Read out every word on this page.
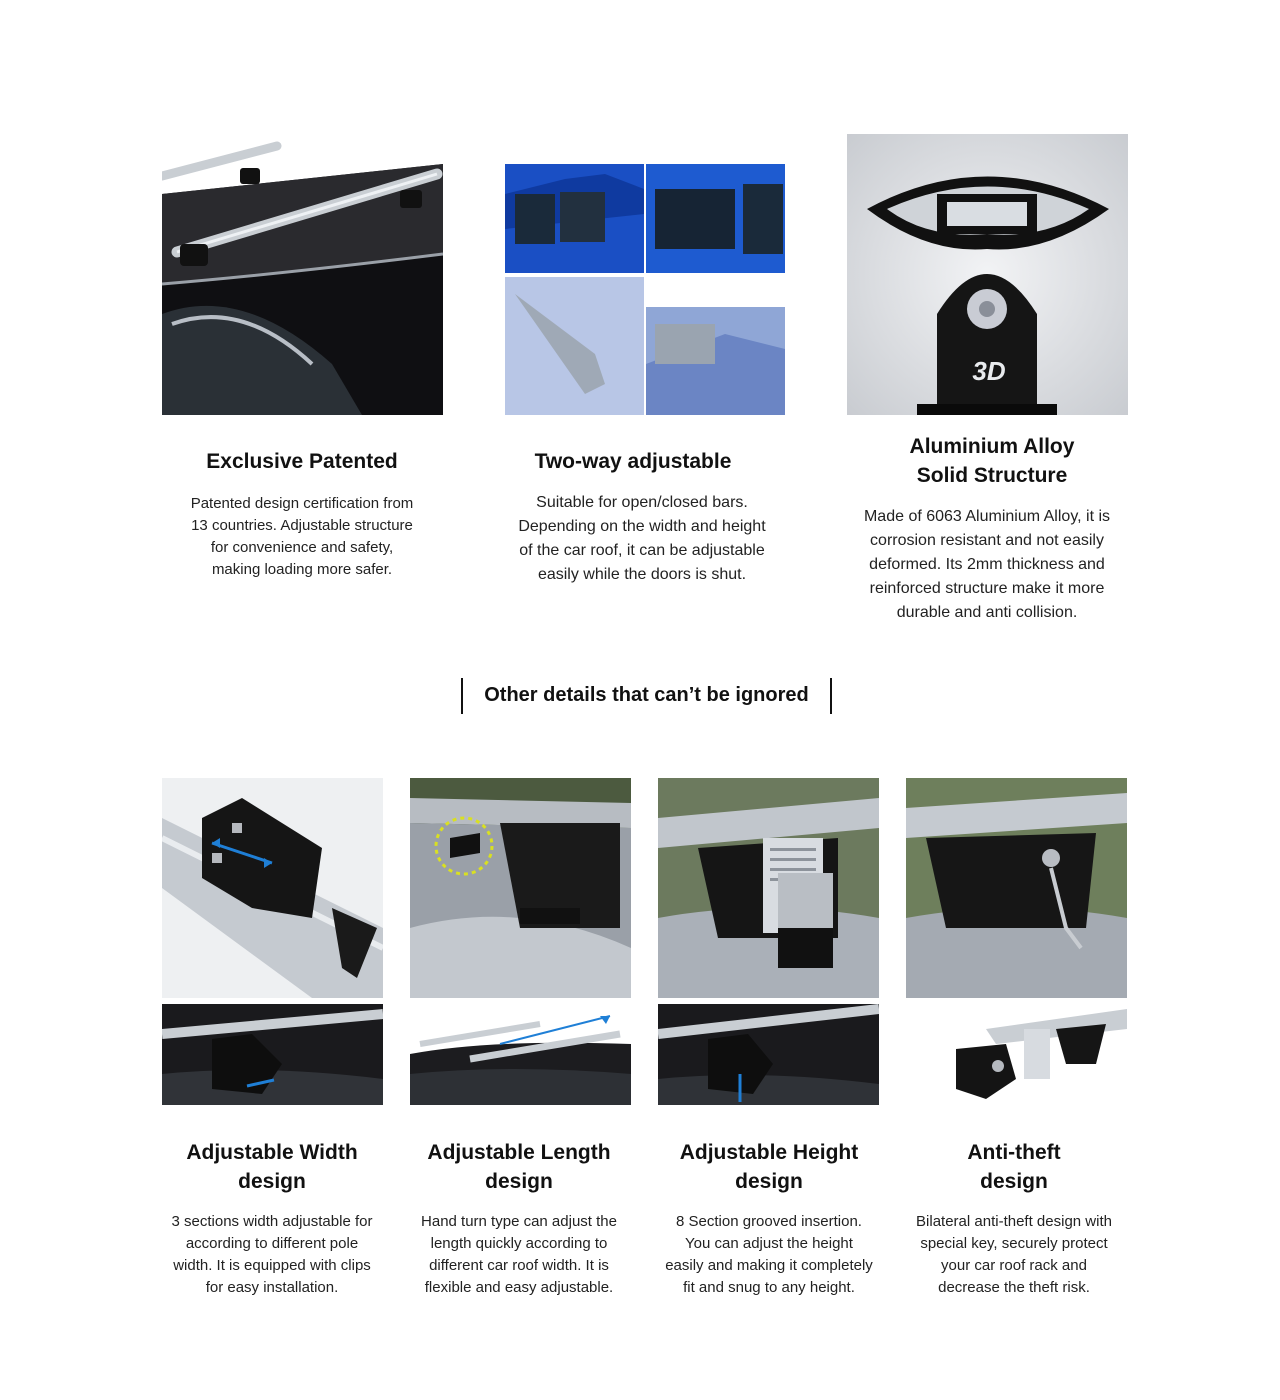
3D
Exclusive Patented
Patented design certification from
13 countries. Adjustable structure
for convenience and safety,
making loading more safer.
Two-way adjustable
Suitable for open/closed bars.
Depending on the width and height
of the car roof, it can be adjustable
easily while the doors is shut.
Aluminium Alloy
Solid Structure
Made of 6063 Aluminium Alloy, it is
corrosion resistant and not easily
deformed. Its 2mm thickness and
reinforced structure make it more
durable and anti collision.
Other details that can’t be ignored
Adjustable Width
design
3 sections width adjustable for
according to different pole
width. It is equipped with clips
for easy installation.
Adjustable Length
design
Hand turn type can adjust the
length quickly according to
different car roof width. It is
flexible and easy adjustable.
Adjustable Height
design
8 Section grooved insertion.
You can adjust the height
easily and making it completely
fit and snug to any height.
Anti-theft
design
Bilateral anti-theft design with
special key, securely protect
your car roof rack and
decrease the theft risk.
